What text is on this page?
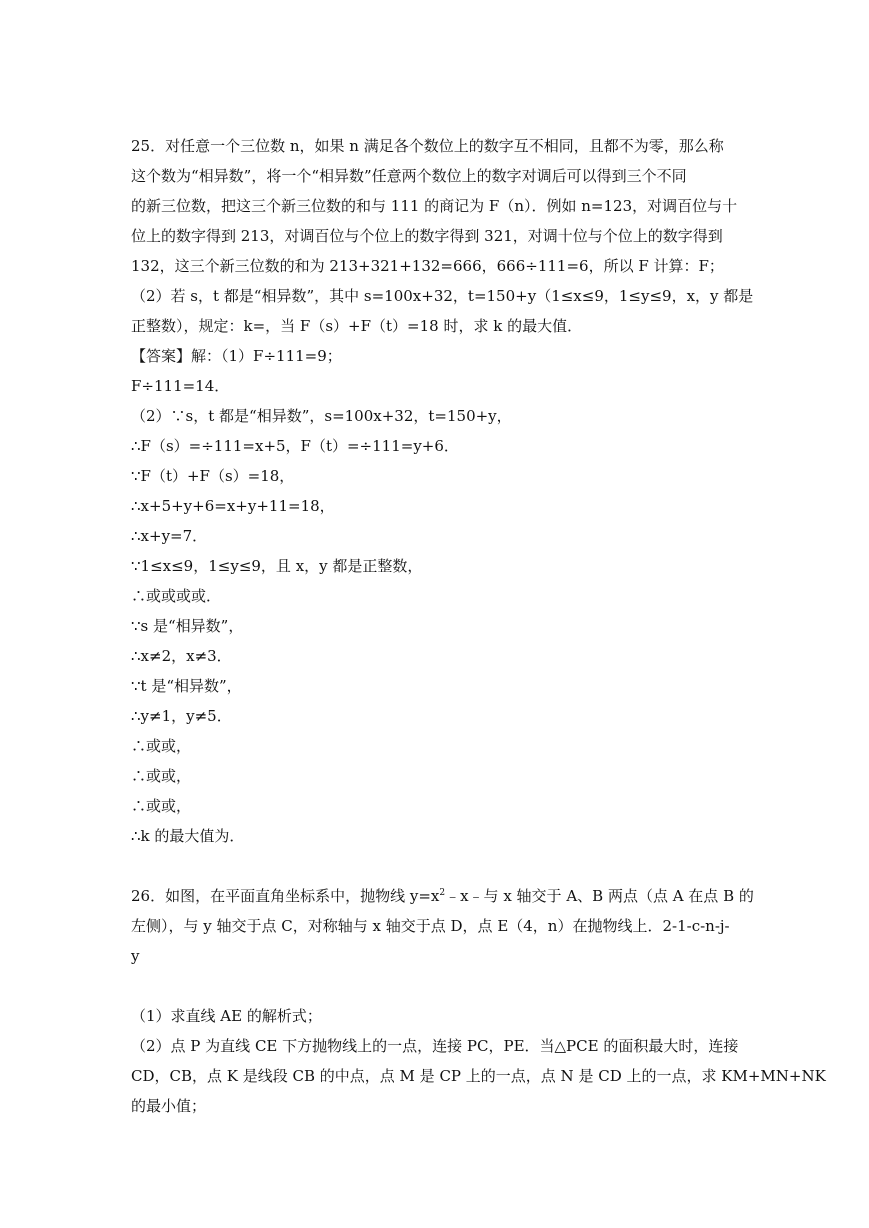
25．对任意一个三位数 n，如果 n 满足各个数位上的数字互不相同，且都不为零，那么称
这个数为“相异数”，将一个“相异数”任意两个数位上的数字对调后可以得到三个不同
的新三位数，把这三个新三位数的和与 111 的商记为 F（n）．例如 n=123，对调百位与十
位上的数字得到 213，对调百位与个位上的数字得到 321，对调十位与个位上的数字得到
132，这三个新三位数的和为 213+321+132=666，666÷111=6，所以 F 计算：F；
（2）若 s，t 都是“相异数”，其中 s=100x+32，t=150+y（1≤x≤9，1≤y≤9，x，y 都是
正整数），规定：k=，当 F（s）+F（t）=18 时，求 k 的最大值．
【答案】解：（1）F÷111=9；
F÷111=14．
（2）∵s，t 都是“相异数”，s=100x+32，t=150+y，
∴F（s）=÷111=x+5，F（t）=÷111=y+6．
∵F（t）+F（s）=18，
∴x+5+y+6=x+y+11=18，
∴x+y=7．
∵1≤x≤9，1≤y≤9，且 x，y 都是正整数，
∴或或或或．
∵s 是“相异数”，
∴x≠2，x≠3．
∵t 是“相异数”，
∴y≠1，y≠5．
∴或或，
∴或或，
∴或或，
∴k 的最大值为．
26．如图，在平面直角坐标系中，抛物线 $y=x^2﹣x﹣$与 x 轴交于 A、B 两点（点 A 在点 B 的
左侧），与 y 轴交于点 C，对称轴与 x 轴交于点 D，点 E（4，n）在抛物线上．2-1-c-n-j-
y
（1）求直线 AE 的解析式；
（2）点 P 为直线 CE 下方抛物线上的一点，连接 PC，PE．当△PCE 的面积最大时，连接
CD，CB，点 K 是线段 CB 的中点，点 M 是 CP 上的一点，点 N 是 CD 上的一点，求 KM+MN+NK
的最小值；
